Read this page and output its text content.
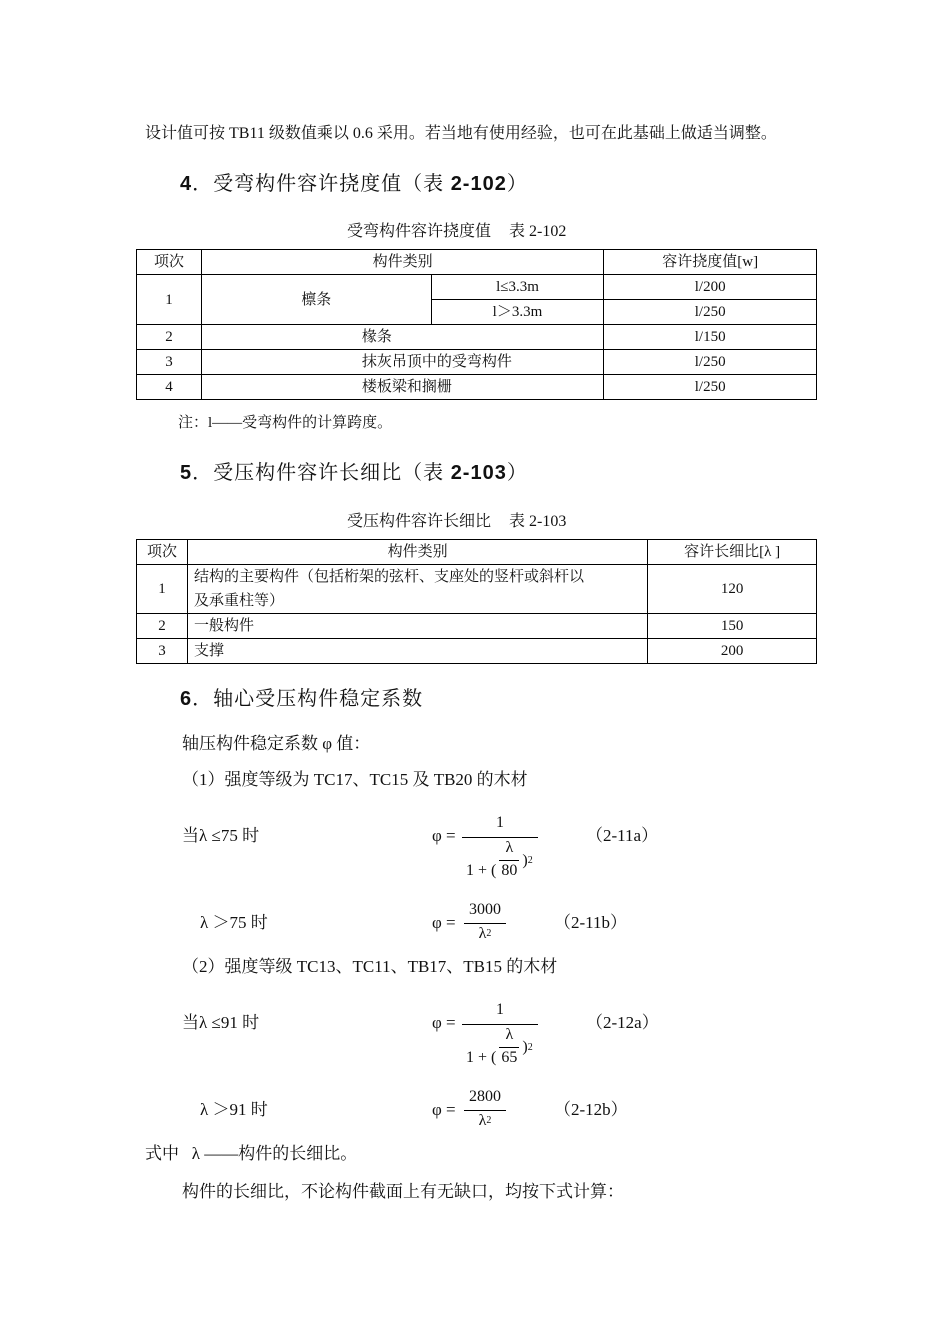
设计值可按 TB11 级数值乘以 0.6 采用。若当地有使用经验，也可在此基础上做适当调整。
4．受弯构件容许挠度值（表 2-102）
受弯构件容许挠度值 表 2-102
项次	构件类别		容许挠度值[w]
1	檩条	l≤3.3m	l/200
		l＞3.3m	l/250
2	椽条		l/150
3	抹灰吊顶中的受弯构件		l/250
4	楼板梁和搁栅		l/250
注：l——受弯构件的计算跨度。
5．受压构件容许长细比（表 2-103）
受压构件容许长细比 表 2-103
项次	构件类别	容许长细比[λ ]
1	结构的主要构件（包括桁架的弦杆、支座处的竖杆或斜杆以
及承重柱等）	120
2	一般构件	150
3	支撑	200
6．轴心受压构件稳定系数
轴压构件稳定系数 φ 值：
（1）强度等级为 TC17、TC15 及 TB20 的木材
当λ ≤75 时	φ =
1
1 + ( $\frac{\lambda}{80} )^2$
（2-11a）
λ ＞75 时	φ =
3000
$\lambda^2$
（2-11b）
（2）强度等级 TC13、TC11、TB17、TB15 的木材
当λ ≤91 时	φ =
1
1 + ( $\frac{\lambda}{65} )^2$
（2-12a）
λ ＞91 时	φ =
2800
$\lambda^2$
（2-12b）
式中   λ ——构件的长细比。
构件的长细比，不论构件截面上有无缺口，均按下式计算：
